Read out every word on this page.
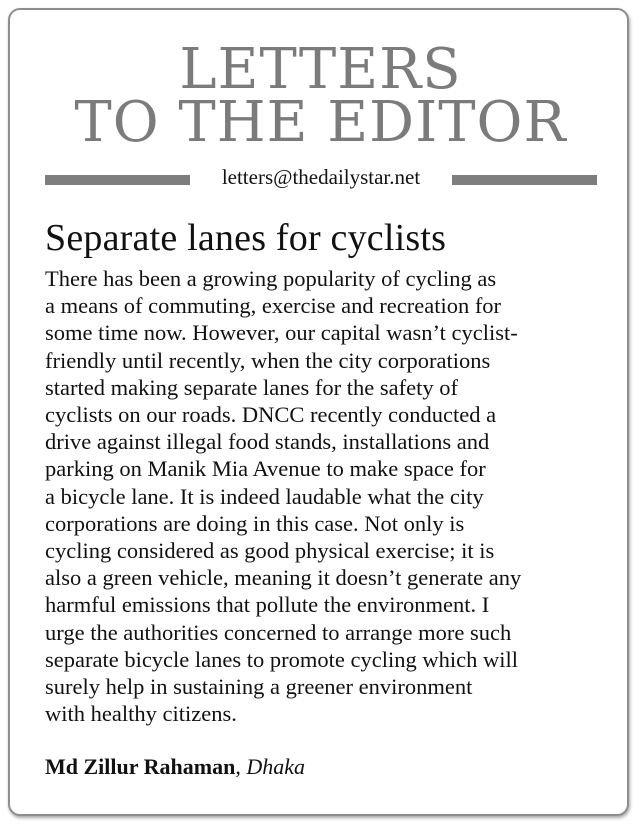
LETTERS
TO THE EDITOR
letters@thedailystar.net
Separate lanes for cyclists
There has been a growing popularity of cycling as
a means of commuting, exercise and recreation for
some time now. However, our capital wasn’t cyclist-
friendly until recently, when the city corporations
started making separate lanes for the safety of
cyclists on our roads. DNCC recently conducted a
drive against illegal food stands, installations and
parking on Manik Mia Avenue to make space for
a bicycle lane. It is indeed laudable what the city
corporations are doing in this case. Not only is
cycling considered as good physical exercise; it is
also a green vehicle, meaning it doesn’t generate any
harmful emissions that pollute the environment. I
urge the authorities concerned to arrange more such
separate bicycle lanes to promote cycling which will
surely help in sustaining a greener environment
with healthy citizens.
Md Zillur Rahaman, Dhaka
